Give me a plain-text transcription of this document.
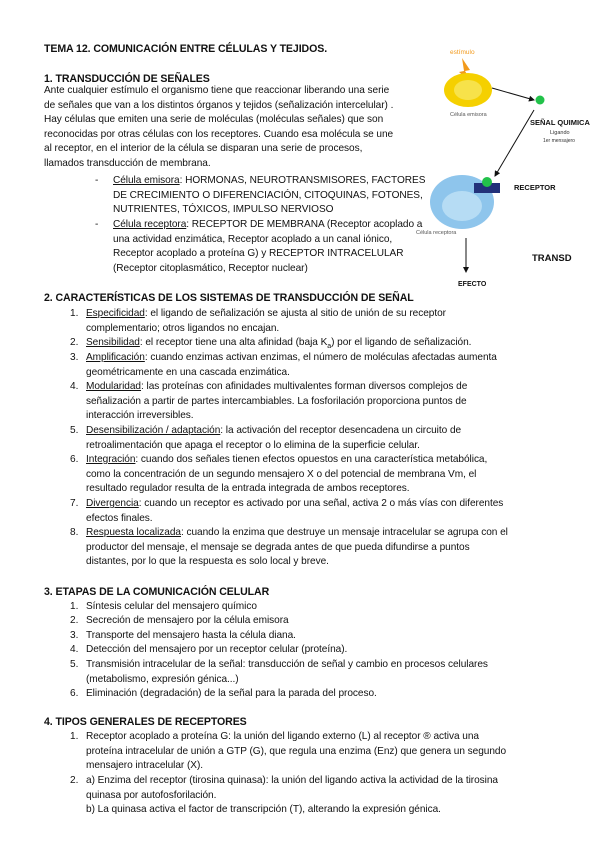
TEMA 12. COMUNICACIÓN ENTRE CÉLULAS Y TEJIDOS.
1. TRANSDUCCIÓN DE SEÑALES
Ante cualquier estímulo el organismo tiene que reaccionar liberando una serie
de señales que van a los distintos órganos y tejidos (señalización intercelular) .
Hay células que emiten una serie de moléculas (moléculas señales) que son
reconocidas por otras células con los receptores. Cuando esa molécula se une
al receptor, en el interior de la célula se disparan una serie de procesos,
llamados transducción de membrana.
- Célula emisora: HORMONAS, NEUROTRANSMISORES, FACTORES
DE CRECIMIENTO O DIFERENCIACIÓN, CITOQUINAS, FOTONES,
NUTRIENTES, TÓXICOS, IMPULSO NERVIOSO
- Célula receptora: RECEPTOR DE MEMBRANA (Receptor acoplado a
una actividad enzimática, Receptor acoplado a un canal iónico,
Receptor acoplado a proteína G) y RECEPTOR INTRACELULAR
(Receptor citoplasmático, Receptor nuclear)
estímulo
Célula emisora
SEÑAL QUIMICA
Ligando
1er mensajero
RECEPTOR
Célula receptora
TRANSD
EFECTO
2. CARACTERÍSTICAS DE LOS SISTEMAS DE TRANSDUCCIÓN DE SEÑAL
1. Especificidad: el ligando de señalización se ajusta al sitio de unión de su receptor
complementario; otros ligandos no encajan.
2. Sensibilidad: el receptor tiene una alta afinidad (baja $K_a$) por el ligando de señalización.
3. Amplificación: cuando enzimas activan enzimas, el número de moléculas afectadas aumenta
geométricamente en una cascada enzimática.
4. Modularidad: las proteínas con afinidades multivalentes forman diversos complejos de
señalización a partir de partes intercambiables. La fosforilación proporciona puntos de
interacción irreversibles.
5. Desensibilización / adaptación: la activación del receptor desencadena un circuito de
retroalimentación que apaga el receptor o lo elimina de la superficie celular.
6. Integración: cuando dos señales tienen efectos opuestos en una característica metabólica,
como la concentración de un segundo mensajero X o del potencial de membrana Vm, el
resultado regulador resulta de la entrada integrada de ambos receptores.
7. Divergencia: cuando un receptor es activado por una señal, activa 2 o más vías con diferentes
efectos finales.
8. Respuesta localizada: cuando la enzima que destruye un mensaje intracelular se agrupa con el
productor del mensaje, el mensaje se degrada antes de que pueda difundirse a puntos
distantes, por lo que la respuesta es solo local y breve.
3. ETAPAS DE LA COMUNICACIÓN CELULAR
1. Síntesis celular del mensajero químico
2. Secreción de mensajero por la célula emisora
3. Transporte del mensajero hasta la célula diana.
4. Detección del mensajero por un receptor celular (proteína).
5. Transmisión intracelular de la señal: transducción de señal y cambio en procesos celulares
(metabolismo, expresión génica...)
6. Eliminación (degradación) de la señal para la parada del proceso.
4. TIPOS GENERALES DE RECEPTORES
1. Receptor acoplado a proteína G: la unión del ligando externo (L) al receptor ® activa una
proteína intracelular de unión a GTP (G), que regula una enzima (Enz) que genera un segundo
mensajero intracelular (X).
2. a) Enzima del receptor (tirosina quinasa): la unión del ligando activa la actividad de la tirosina
quinasa por autofosforilación.
b) La quinasa activa el factor de transcripción (T), alterando la expresión génica.
